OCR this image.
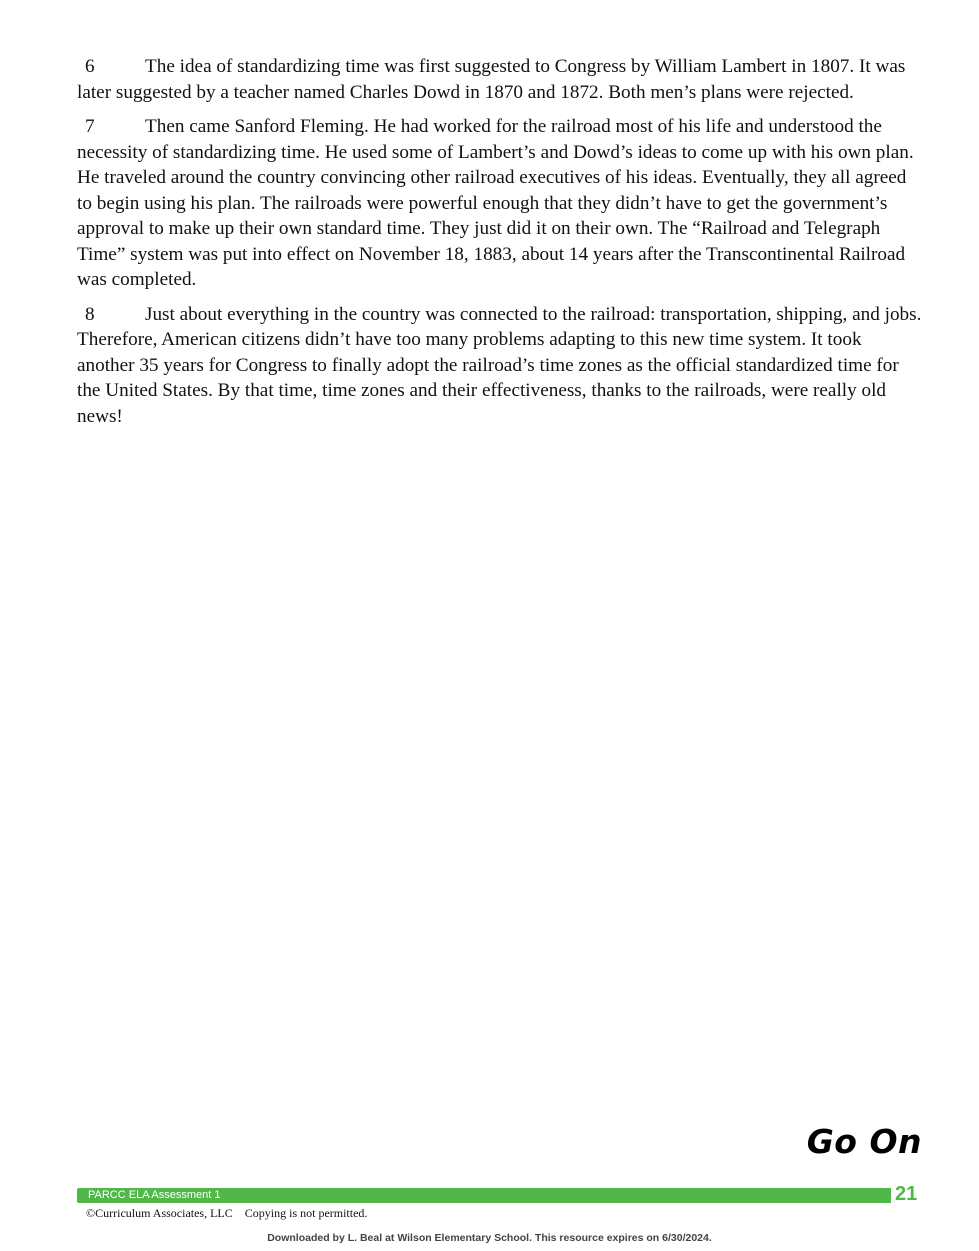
6	The idea of standardizing time was first suggested to Congress by William Lambert in 1807. It was later suggested by a teacher named Charles Dowd in 1870 and 1872. Both men’s plans were rejected.

7	Then came Sanford Fleming. He had worked for the railroad most of his life and understood the necessity of standardizing time. He used some of Lambert’s and Dowd’s ideas to come up with his own plan. He traveled around the country convincing other railroad executives of his ideas. Eventually, they all agreed to begin using his plan. The railroads were powerful enough that they didn’t have to get the government’s approval to make up their own standard time. They just did it on their own. The “Railroad and Telegraph Time” system was put into effect on November 18, 1883, about 14 years after the Transcontinental Railroad was completed.

8	Just about everything in the country was connected to the railroad: transportation, shipping, and jobs. Therefore, American citizens didn’t have too many problems adapting to this new time system. It took another 35 years for Congress to finally adopt the railroad’s time zones as the official standardized time for the United States. By that time, time zones and their effectiveness, thanks to the railroads, were really old news!

Go On
PARCC ELA Assessment 1	21
©Curriculum Associates, LLC    Copying is not permitted.
Downloaded by L. Beal at Wilson Elementary School. This resource expires on 6/30/2024.
